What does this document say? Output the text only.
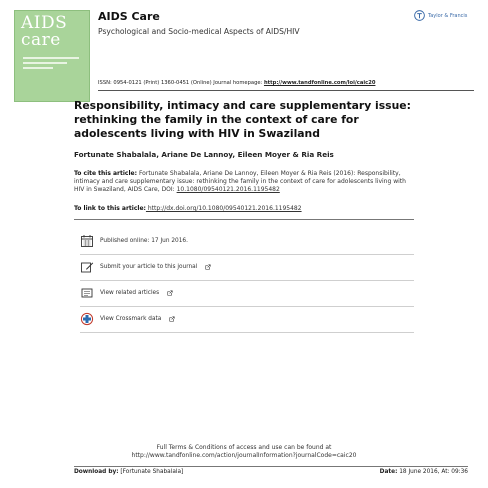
AIDS
care
AIDS Care
Psychological and Socio-medical Aspects of AIDS/HIV
Taylor & Francis
ISSN: 0954-0121 (Print) 1360-0451 (Online) Journal homepage: http://www.tandfonline.com/loi/caic20
Responsibility, intimacy and care supplementary issue: rethinking the family in the context of care for adolescents living with HIV in Swaziland
Fortunate Shabalala, Ariane De Lannoy, Eileen Moyer & Ria Reis
To cite this article: Fortunate Shabalala, Ariane De Lannoy, Eileen Moyer & Ria Reis (2016): Responsibility, intimacy and care supplementary issue: rethinking the family in the context of care for adolescents living with HIV in Swaziland, AIDS Care, DOI: 10.1080/09540121.2016.1195482
To link to this article: http://dx.doi.org/10.1080/09540121.2016.1195482
Published online: 17 Jun 2016.
Submit your article to this journal
View related articles
View Crossmark data
Full Terms & Conditions of access and use can be found at
http://www.tandfonline.com/action/journalInformation?journalCode=caic20
Download by: [Fortunate Shabalala]	Date: 18 June 2016, At: 09:36
